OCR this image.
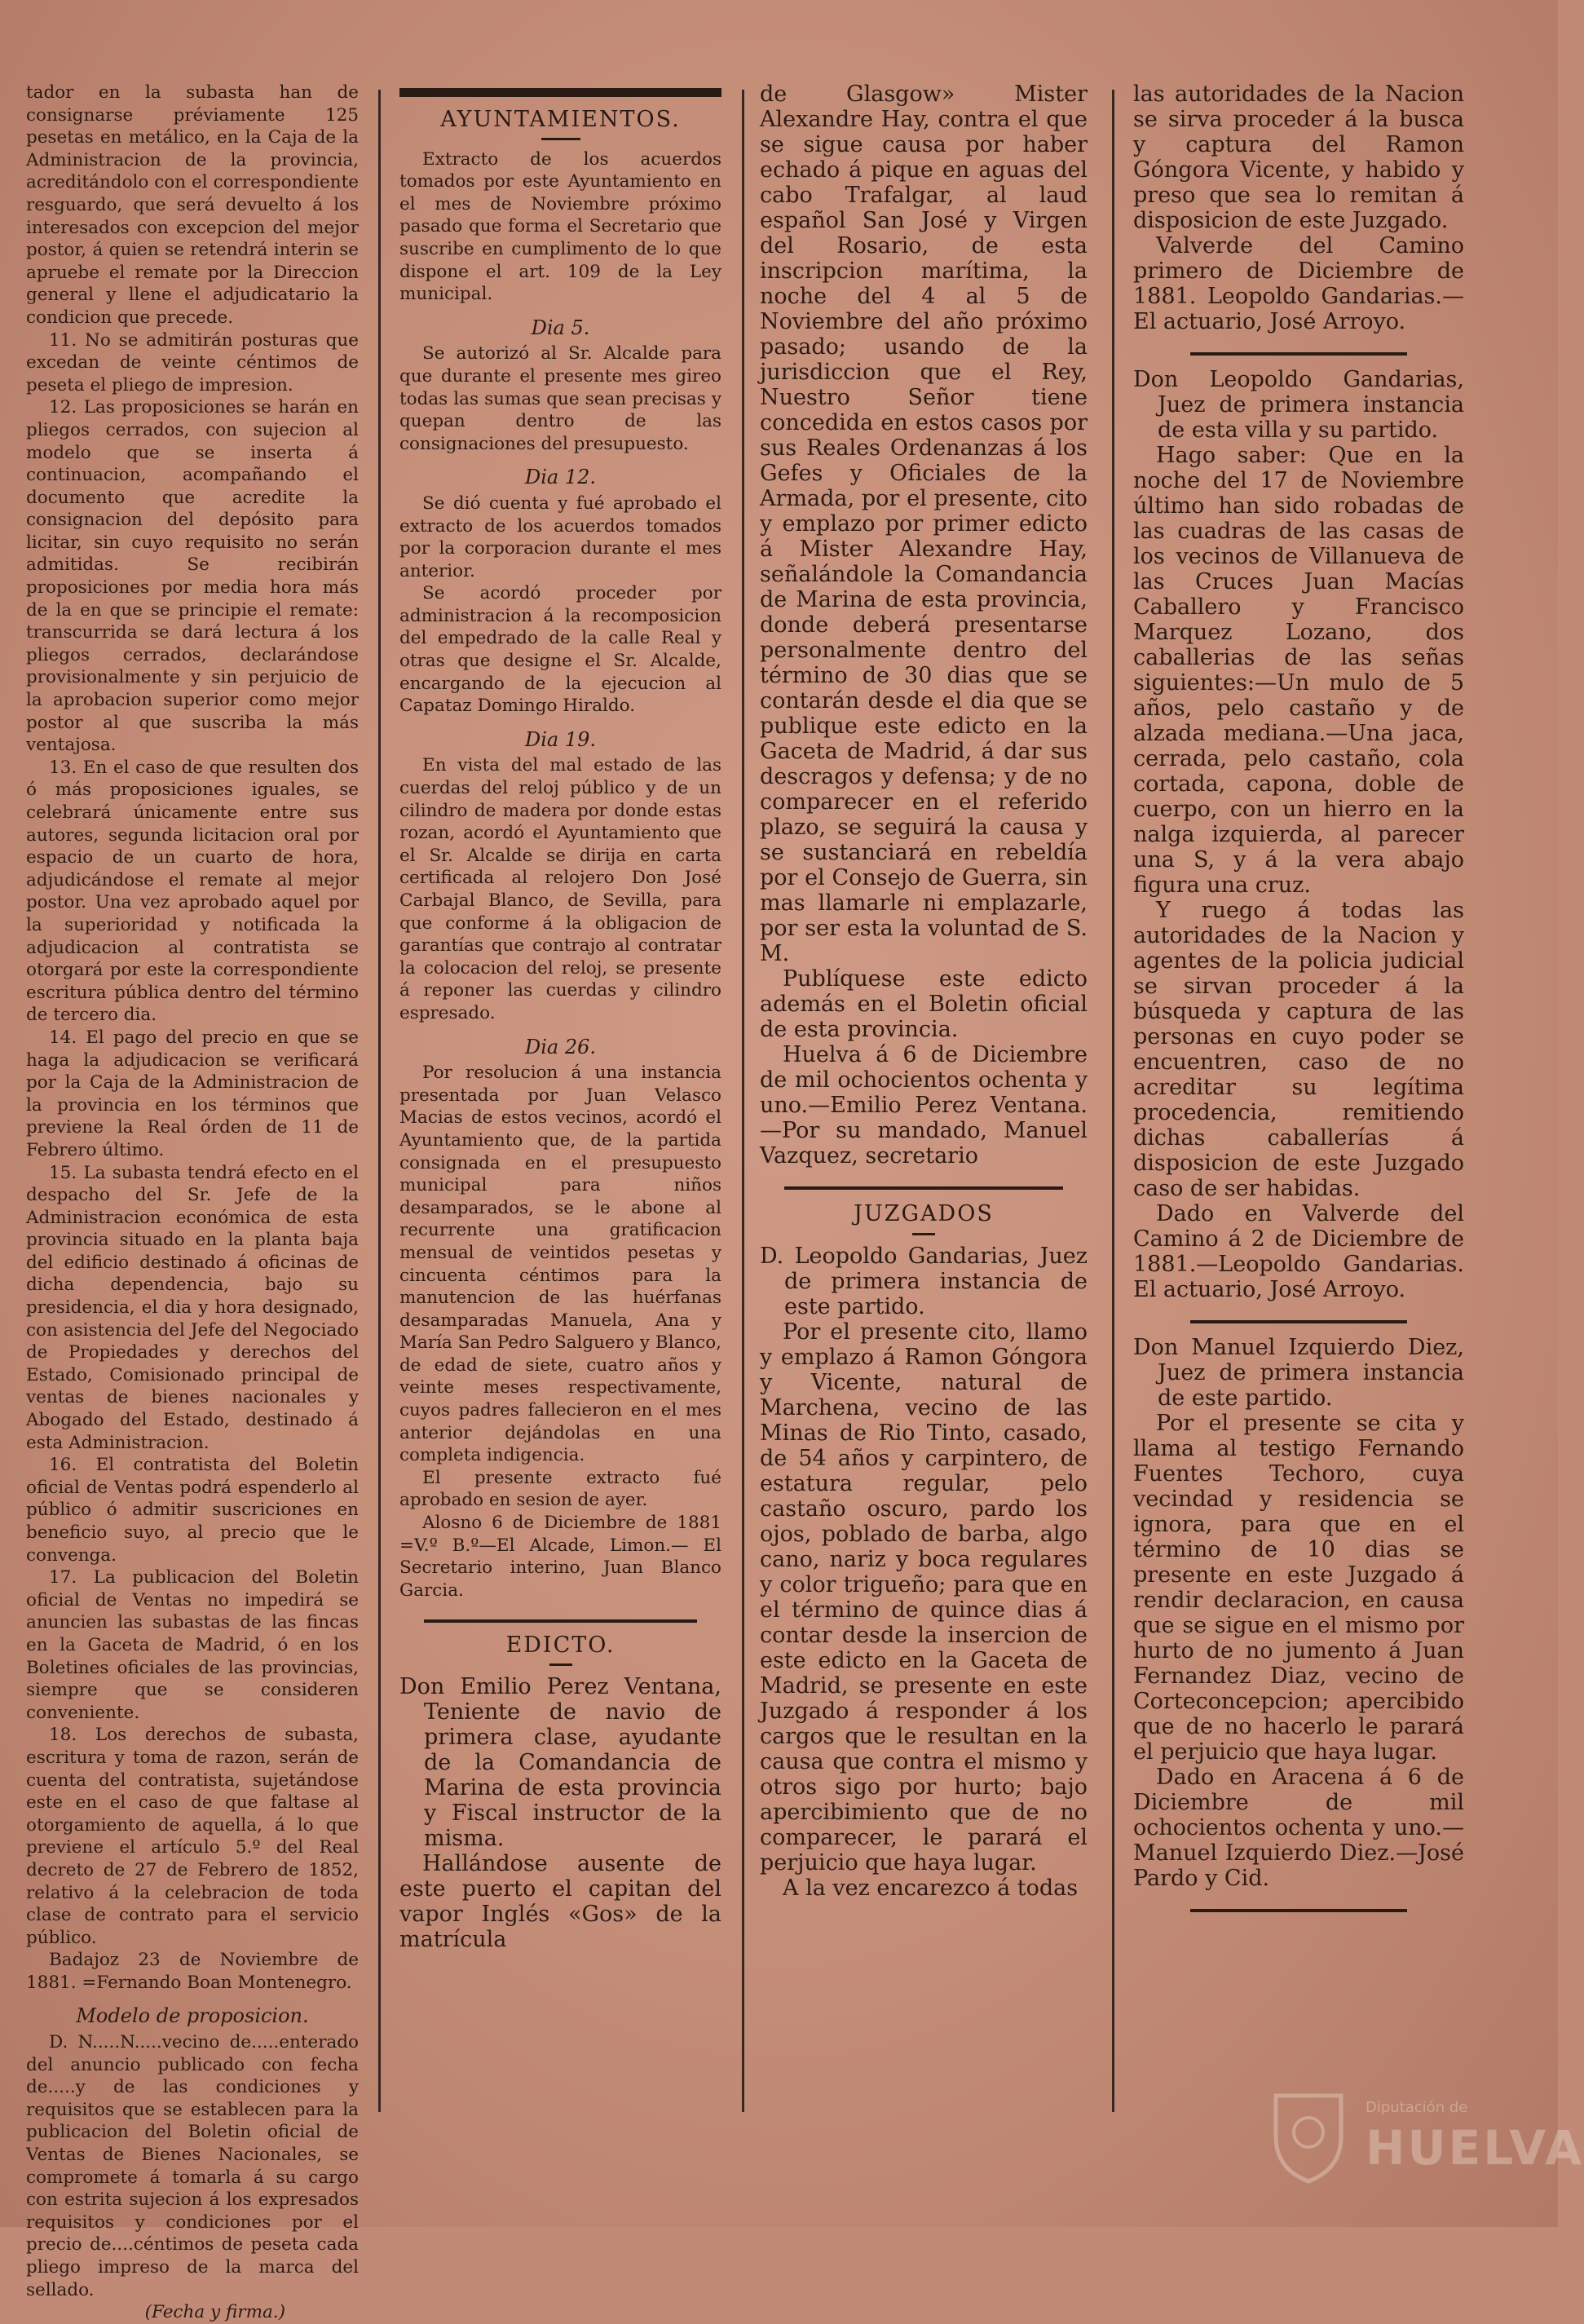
tador en la subasta han de consignarse préviamente 125 pesetas en metálico, en la Caja de la Administracion de la provincia, acreditándolo con el correspondiente resguardo, que será devuelto á los interesados con excepcion del mejor postor, á quien se retendrá interin se apruebe el remate por la Direccion general y llene el adjudicatario la condicion que precede.

11. No se admitirán posturas que excedan de veinte céntimos de peseta el pliego de impresion.

12. Las proposiciones se harán en pliegos cerrados, con sujecion al modelo que se inserta á continuacion, acompañando el documento que acredite la consignacion del depósito para licitar, sin cuyo requisito no serán admitidas. Se recibirán proposiciones por media hora más de la en que se principie el remate: transcurrida se dará lectura á los pliegos cerrados, declarándose provisionalmente y sin perjuicio de la aprobacion superior como mejor postor al que suscriba la más ventajosa.

13. En el caso de que resulten dos ó más proposiciones iguales, se celebrará únicamente entre sus autores, segunda licitacion oral por espacio de un cuarto de hora, adjudicándose el remate al mejor postor. Una vez aprobado aquel por la superioridad y notificada la adjudicacion al contratista se otorgará por este la correspondiente escritura pública dentro del término de tercero dia.

14. El pago del precio en que se haga la adjudicacion se verificará por la Caja de la Administracion de la provincia en los términos que previene la Real órden de 11 de Febrero último.

15. La subasta tendrá efecto en el despacho del Sr. Jefe de la Administracion económica de esta provincia situado en la planta baja del edificio destinado á oficinas de dicha dependencia, bajo su presidencia, el dia y hora designado, con asistencia del Jefe del Negociado de Propiedades y derechos del Estado, Comisionado principal de ventas de bienes nacionales y Abogado del Estado, destinado á esta Administracion.

16. El contratista del Boletin oficial de Ventas podrá espenderlo al público ó admitir suscriciones en beneficio suyo, al precio que le convenga.

17. La publicacion del Boletin oficial de Ventas no impedirá se anuncien las subastas de las fincas en la Gaceta de Madrid, ó en los Boletines oficiales de las provincias, siempre que se consideren conveniente.

18. Los derechos de subasta, escritura y toma de razon, serán de cuenta del contratista, sujetándose este en el caso de que faltase al otorgamiento de aquella, á lo que previene el artículo 5.º del Real decreto de 27 de Febrero de 1852, relativo á la celebracion de toda clase de contrato para el servicio público.

Badajoz 23 de Noviembre de 1881. =Fernando Boan Montenegro.

Modelo de proposicion.

D. N.....N.....vecino de.....enterado del anuncio publicado con fecha de.....y de las condiciones y requisitos que se establecen para la publicacion del Boletin oficial de Ventas de Bienes Nacionales, se compromete á tomarla á su cargo con estrita sujecion á los expresados requisitos y condiciones por el precio de....céntimos de peseta cada pliego impreso de la marca del sellado.

(Fecha y firma.)
AYUNTAMIENTOS.

Extracto de los acuerdos tomados por este Ayuntamiento en el mes de Noviembre próximo pasado que forma el Secretario que suscribe en cumplimento de lo que dispone el art. 109 de la Ley municipal.

Dia 5.

Se autorizó al Sr. Alcalde para que durante el presente mes gireo todas las sumas que sean precisas y quepan dentro de las consignaciones del presupuesto.

Dia 12.

Se dió cuenta y fué aprobado el extracto de los acuerdos tomados por la corporacion durante el mes anterior.

Se acordó proceder por administracion á la recomposicion del empedrado de la calle Real y otras que designe el Sr. Alcalde, encargando de la ejecucion al Capataz Domingo Hiraldo.

Dia 19.

En vista del mal estado de las cuerdas del reloj público y de un cilindro de madera por donde estas rozan, acordó el Ayuntamiento que el Sr. Alcalde se dirija en carta certificada al relojero Don José Carbajal Blanco, de Sevilla, para que conforme á la obligacion de garantías que contrajo al contratar la colocacion del reloj, se presente á reponer las cuerdas y cilindro espresado.

Dia 26.

Por resolucion á una instancia presentada por Juan Velasco Macias de estos vecinos, acordó el Ayuntamiento que, de la partida consignada en el presupuesto municipal para niños desamparados, se le abone al recurrente una gratificacion mensual de veintidos pesetas y cincuenta céntimos para la manutencion de las huérfanas desamparadas Manuela, Ana y María San Pedro Salguero y Blanco, de edad de siete, cuatro años y veinte meses respectivamente, cuyos padres fallecieron en el mes anterior dejándolas en una completa indigencia.

El presente extracto fué aprobado en sesion de ayer.

Alosno 6 de Diciembre de 1881 =V.º B.º—El Alcade, Limon.— El Secretario interino, Juan Blanco Garcia.

EDICTO.

Don Emilio Perez Ventana, Teniente de navio de primera clase, ayudante de la Comandancia de Marina de esta provincia y Fiscal instructor de la misma.

Hallándose ausente de este puerto el capitan del vapor Inglés «Gos» de la matrícula

de Glasgow» Mister Alexandre Hay, contra el que se sigue causa por haber echado á pique en aguas del cabo Trafalgar, al laud español San José y Virgen del Rosario, de esta inscripcion marítima, la noche del 4 al 5 de Noviembre del año próximo pasado; usando de la jurisdiccion que el Rey, Nuestro Señor tiene concedida en estos casos por sus Reales Ordenanzas á los Gefes y Oficiales de la Armada, por el presente, cito y emplazo por primer edicto á Mister Alexandre Hay, señalándole la Comandancia de Marina de esta provincia, donde deberá presentarse personalmente dentro del término de 30 dias que se contarán desde el dia que se publique este edicto en la Gaceta de Madrid, á dar sus descragos y defensa; y de no comparecer en el referido plazo, se seguirá la causa y se sustanciará en rebeldía por el Consejo de Guerra, sin mas llamarle ni emplazarle, por ser esta la voluntad de S. M.

Publíquese este edicto además en el Boletin oficial de esta provincia.

Huelva á 6 de Diciembre de mil ochocientos ochenta y uno.—Emilio Perez Ventana.—Por su mandado, Manuel Vazquez, secretario

JUZGADOS

D. Leopoldo Gandarias, Juez de primera instancia de este partido.

Por el presente cito, llamo y emplazo á Ramon Góngora y Vicente, natural de Marchena, vecino de las Minas de Rio Tinto, casado, de 54 años y carpintero, de estatura regular, pelo castaño oscuro, pardo los ojos, poblado de barba, algo cano, nariz y boca regulares y color trigueño; para que en el término de quince dias á contar desde la insercion de este edicto en la Gaceta de Madrid, se presente en este Juzgado á responder á los cargos que le resultan en la causa que contra el mismo y otros sigo por hurto; bajo apercibimiento que de no comparecer, le parará el perjuicio que haya lugar.

A la vez encarezco á todas

las autoridades de la Nacion se sirva proceder á la busca y captura del Ramon Góngora Vicente, y habido y preso que sea lo remitan á disposicion de este Juzgado.

Valverde del Camino primero de Diciembre de 1881. Leopoldo Gandarias.—El actuario, José Arroyo.

Don Leopoldo Gandarias, Juez de primera instancia de esta villa y su partido.

Hago saber: Que en la noche del 17 de Noviembre último han sido robadas de las cuadras de las casas de los vecinos de Villanueva de las Cruces Juan Macías Caballero y Francisco Marquez Lozano, dos caballerias de las señas siguientes:—Un mulo de 5 años, pelo castaño y de alzada mediana.—Una jaca, cerrada, pelo castaño, cola cortada, capona, doble de cuerpo, con un hierro en la nalga izquierda, al parecer una S, y á la vera abajo figura una cruz.

Y ruego á todas las autoridades de la Nacion y agentes de la policia judicial se sirvan proceder á la búsqueda y captura de las personas en cuyo poder se encuentren, caso de no acreditar su legítima procedencia, remitiendo dichas caballerías á disposicion de este Juzgado caso de ser habidas.

Dado en Valverde del Camino á 2 de Diciembre de 1881.—Leopoldo Gandarias. El actuario, José Arroyo.

Don Manuel Izquierdo Diez, Juez de primera instancia de este partido.

Por el presente se cita y llama al testigo Fernando Fuentes Techoro, cuya vecindad y residencia se ignora, para que en el término de 10 dias se presente en este Juzgado á rendir declaracion, en causa que se sigue en el mismo por hurto de no jumento á Juan Fernandez Diaz, vecino de Corteconcepcion; apercibido que de no hacerlo le parará el perjuicio que haya lugar.

Dado en Aracena á 6 de Diciembre de mil ochocientos ochenta y uno.—Manuel Izquierdo Diez.—José Pardo y Cid.

Diputación de
HUELVA
